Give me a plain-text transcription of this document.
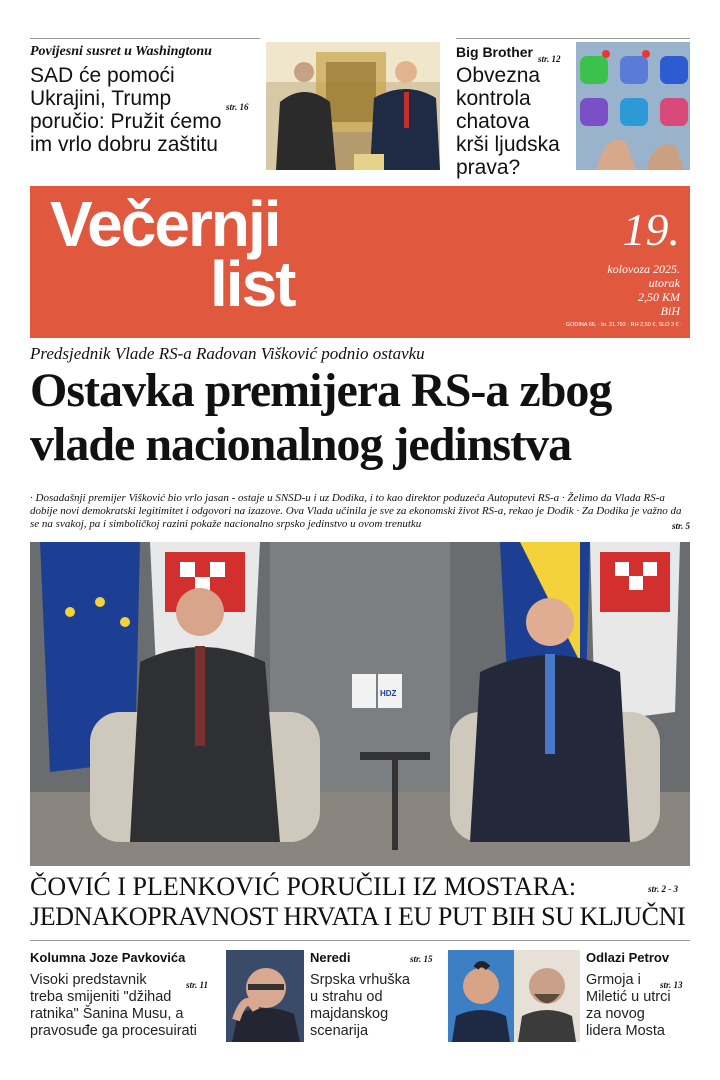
Povijesni susret u Washingtonu
SAD će pomoći
Ukrajini, Trump
poručio: Pružit ćemo
im vrlo dobru zaštitu
str. 16
Big Brother str. 12
Obvezna
kontrola
chatova
krši ljudska
prava?
Večernji
list
19.
kolovoza 2025.
utorak
2,50 KM
BiH
· GODINA 66. · br. 21.792 · RH 2,50 €, SLO 3 € ·
Predsjednik Vlade RS-a Radovan Višković podnio ostavku
Ostavka premijera RS-a zbog
vlade nacionalnog jedinstva
· Dosadašnji premijer Višković bio vrlo jasan - ostaje u SNSD-u i uz Dodika, i to kao direktor poduzeća Autoputevi RS-a · Želimo da Vlada RS-a dobije novi demokratski legitimitet i odgovori na izazove. Ova Vlada učinila je sve za ekonomski život RS-a, rekao je Dodik · Za Dodika je važno da se na svakoj, pa i simboličkoj razini pokaže nacionalno srpsko jedinstvo u ovom trenutku	str. 5
HDZ
ČOVIĆ I PLENKOVIĆ PORUČILI IZ MOSTARA:
JEDNAKOPRAVNOST HRVATA I EU PUT BIH SU KLJUČNI
str. 2 - 3
Kolumna Joze Pavkovića
str. 11
Visoki predstavnik
treba smijeniti "džihad
ratnika" Šanina Musu, a
pravosuđe ga procesuirati
Neredi	str. 15
Srpska vrhuška
u strahu od
majdanskog
scenarija
Odlazi Petrov
str. 13
Grmoja i
Miletić u utrci
za novog
lidera Mosta
